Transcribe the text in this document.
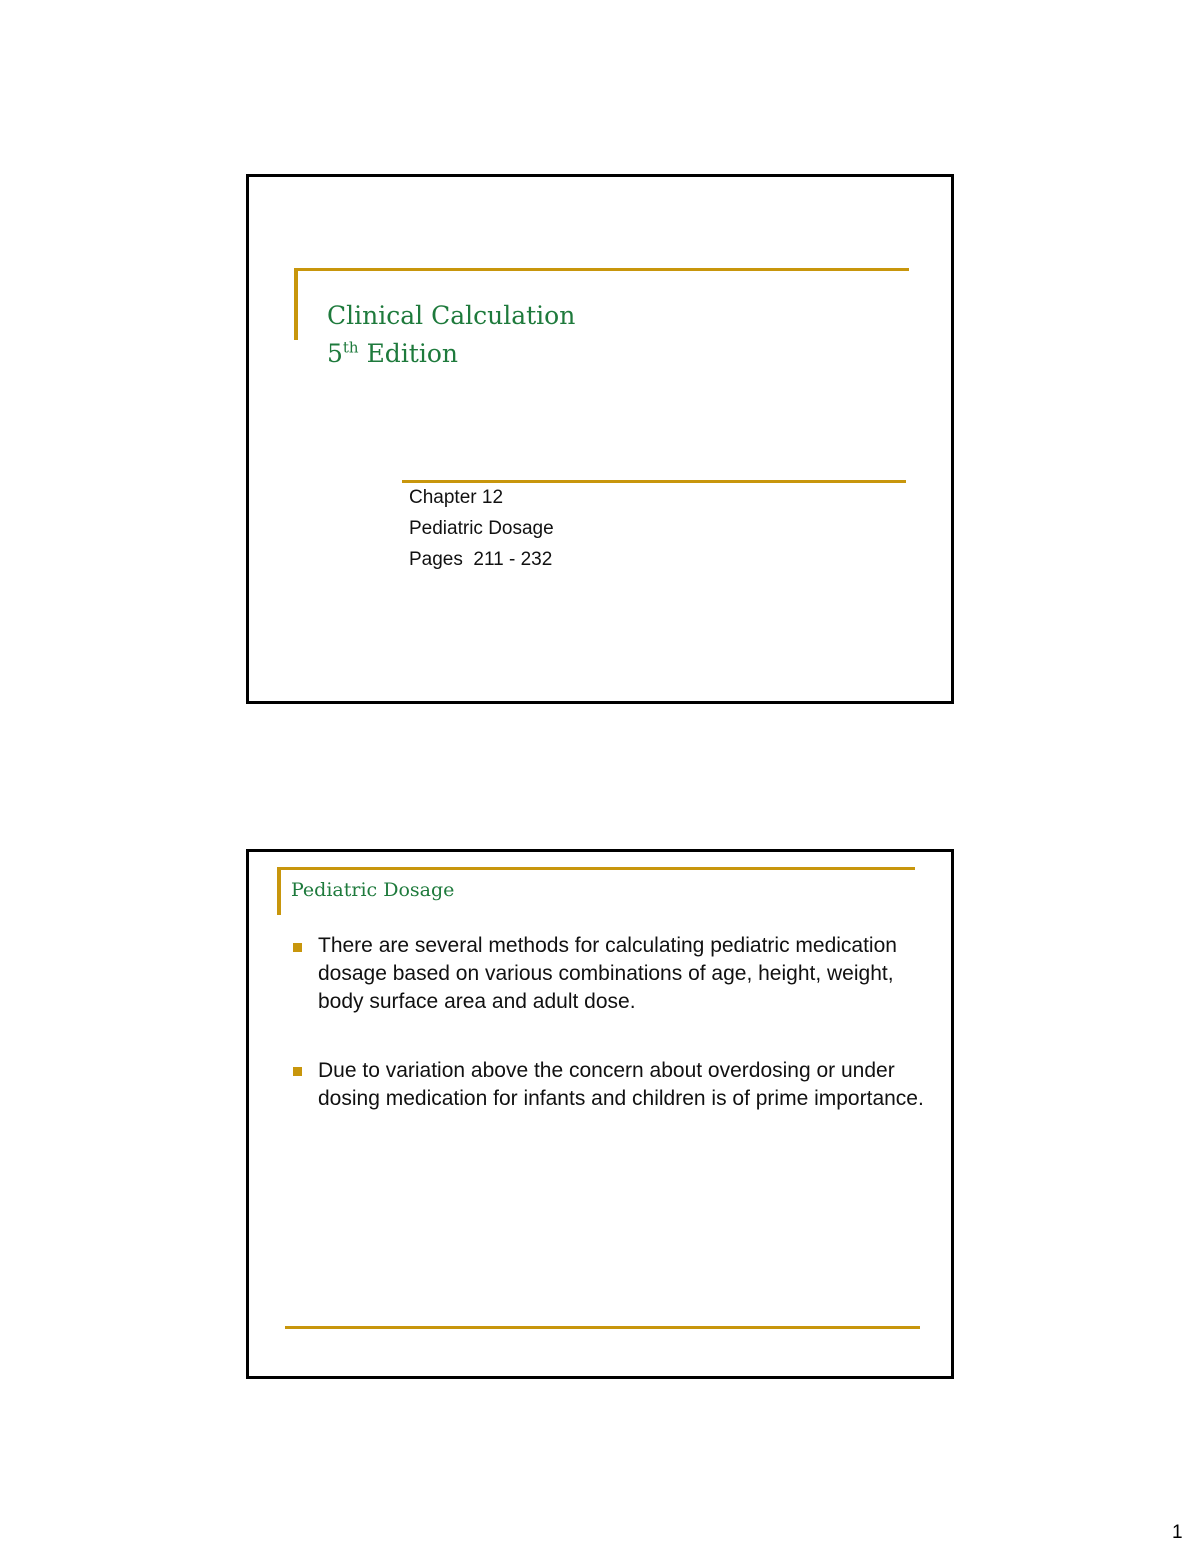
Clinical Calculation
5th Edition
Chapter 12
Pediatric Dosage
Pages  211 - 232
Pediatric Dosage

There are several methods for calculating pediatric medication dosage based on various combinations of age, height, weight, body surface area and adult dose.

Due to variation above the concern about overdosing or under dosing medication for infants and children is of prime importance.

1
